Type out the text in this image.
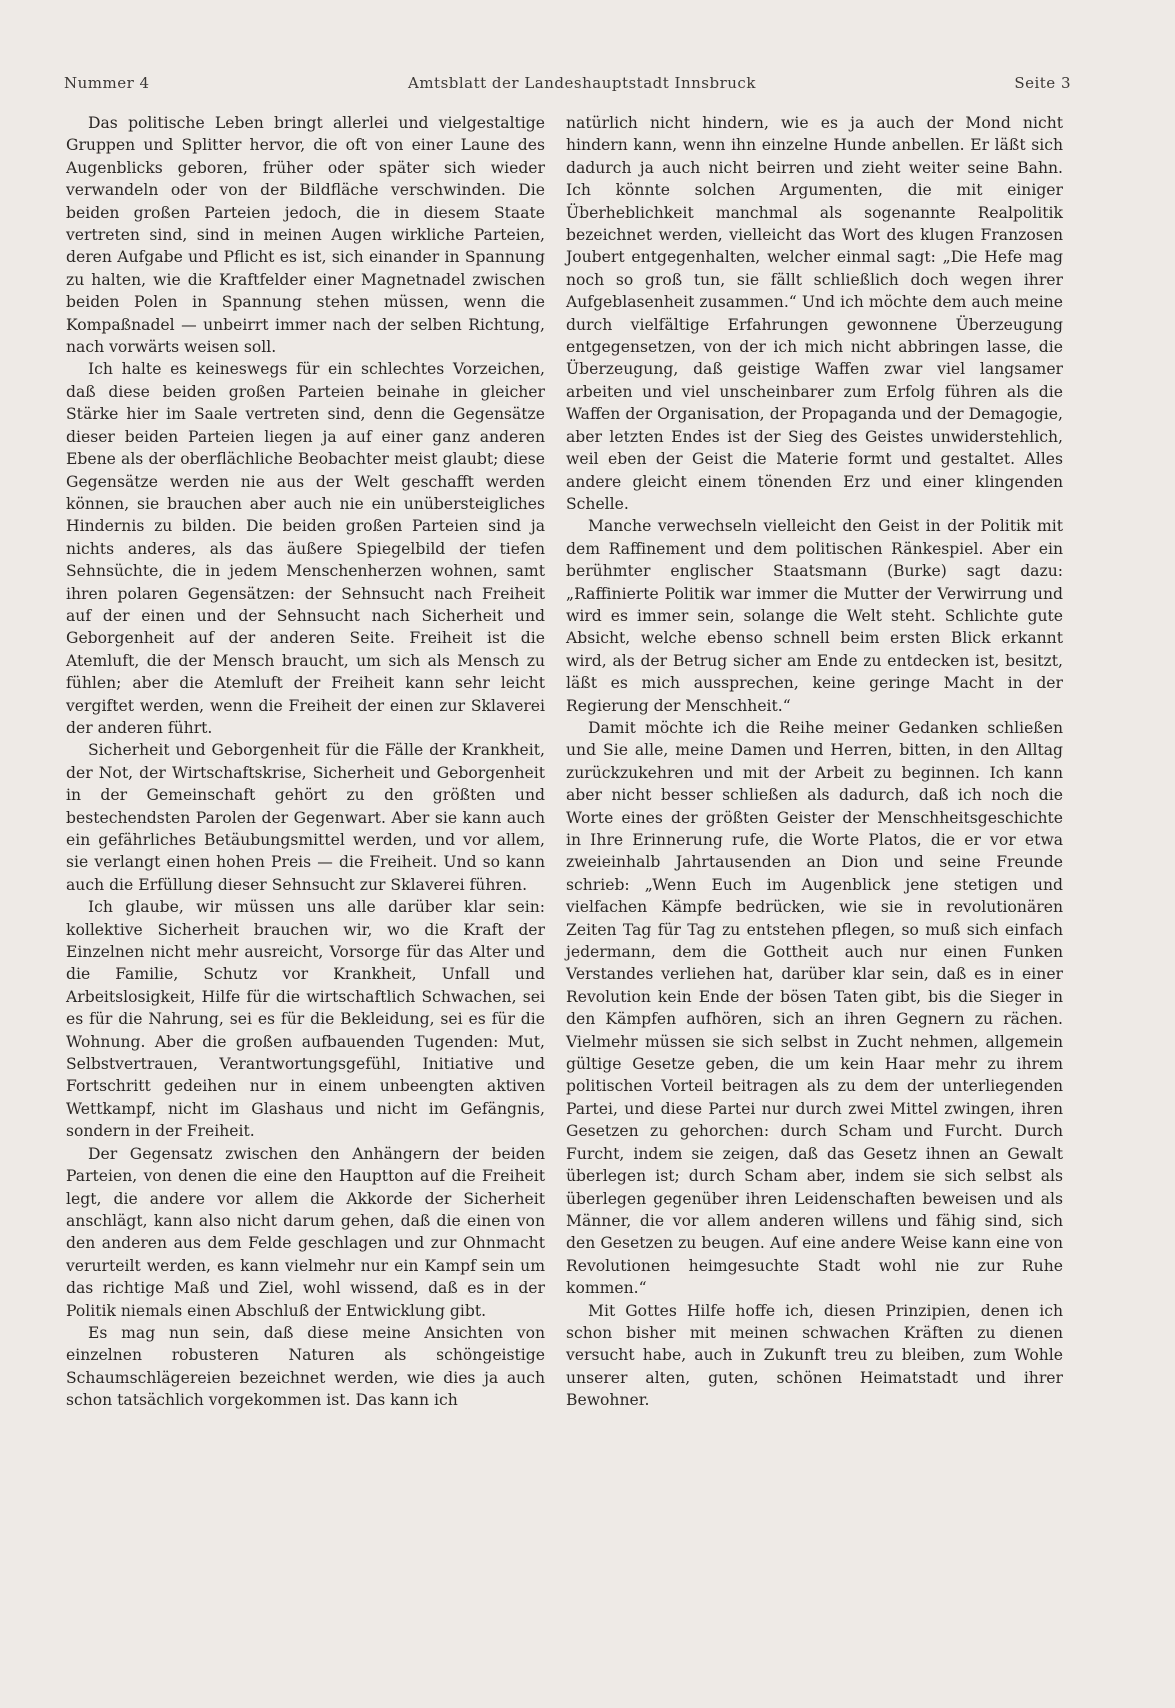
Nummer 4	Amtsblatt der Landeshauptstadt Innsbruck	Seite 3

Das politische Leben bringt allerlei und vielgestaltige Gruppen und Splitter hervor, die oft von einer Laune des Augenblicks geboren, früher oder später sich wieder verwandeln oder von der Bildfläche verschwinden. Die beiden großen Parteien jedoch, die in diesem Staate vertreten sind, sind in meinen Augen wirkliche Parteien, deren Aufgabe und Pflicht es ist, sich einander in Spannung zu halten, wie die Kraftfelder einer Magnetnadel zwischen beiden Polen in Spannung stehen müssen, wenn die Kompaßnadel — unbeirrt immer nach der selben Richtung, nach vorwärts weisen soll.

Ich halte es keineswegs für ein schlechtes Vorzeichen, daß diese beiden großen Parteien beinahe in gleicher Stärke hier im Saale vertreten sind, denn die Gegensätze dieser beiden Parteien liegen ja auf einer ganz anderen Ebene als der oberflächliche Beobachter meist glaubt; diese Gegensätze werden nie aus der Welt geschafft werden können, sie brauchen aber auch nie ein unübersteigliches Hindernis zu bilden. Die beiden großen Parteien sind ja nichts anderes, als das äußere Spiegelbild der tiefen Sehnsüchte, die in jedem Menschenherzen wohnen, samt ihren polaren Gegensätzen: der Sehnsucht nach Freiheit auf der einen und der Sehnsucht nach Sicherheit und Geborgenheit auf der anderen Seite. Freiheit ist die Atemluft, die der Mensch braucht, um sich als Mensch zu fühlen; aber die Atemluft der Freiheit kann sehr leicht vergiftet werden, wenn die Freiheit der einen zur Sklaverei der anderen führt.

Sicherheit und Geborgenheit für die Fälle der Krankheit, der Not, der Wirtschaftskrise, Sicherheit und Geborgenheit in der Gemeinschaft gehört zu den größten und bestechendsten Parolen der Gegenwart. Aber sie kann auch ein gefährliches Betäubungsmittel werden, und vor allem, sie verlangt einen hohen Preis — die Freiheit. Und so kann auch die Erfüllung dieser Sehnsucht zur Sklaverei führen.

Ich glaube, wir müssen uns alle darüber klar sein: kollektive Sicherheit brauchen wir, wo die Kraft der Einzelnen nicht mehr ausreicht, Vorsorge für das Alter und die Familie, Schutz vor Krankheit, Unfall und Arbeitslosigkeit, Hilfe für die wirtschaftlich Schwachen, sei es für die Nahrung, sei es für die Bekleidung, sei es für die Wohnung. Aber die großen aufbauenden Tugenden: Mut, Selbstvertrauen, Verantwortungsgefühl, Initiative und Fortschritt gedeihen nur in einem unbeengten aktiven Wettkampf, nicht im Glashaus und nicht im Gefängnis, sondern in der Freiheit.

Der Gegensatz zwischen den Anhängern der beiden Parteien, von denen die eine den Hauptton auf die Freiheit legt, die andere vor allem die Akkorde der Sicherheit anschlägt, kann also nicht darum gehen, daß die einen von den anderen aus dem Felde geschlagen und zur Ohnmacht verurteilt werden, es kann vielmehr nur ein Kampf sein um das richtige Maß und Ziel, wohl wissend, daß es in der Politik niemals einen Abschluß der Entwicklung gibt.

Es mag nun sein, daß diese meine Ansichten von einzelnen robusteren Naturen als schöngeistige Schaumschlägereien bezeichnet werden, wie dies ja auch schon tatsächlich vorgekommen ist. Das kann ich

natürlich nicht hindern, wie es ja auch der Mond nicht hindern kann, wenn ihn einzelne Hunde anbellen. Er läßt sich dadurch ja auch nicht beirren und zieht weiter seine Bahn. Ich könnte solchen Argumenten, die mit einiger Überheblichkeit manchmal als sogenannte Realpolitik bezeichnet werden, vielleicht das Wort des klugen Franzosen Joubert entgegenhalten, welcher einmal sagt: „Die Hefe mag noch so groß tun, sie fällt schließlich doch wegen ihrer Aufgeblasenheit zusammen.“ Und ich möchte dem auch meine durch vielfältige Erfahrungen gewonnene Überzeugung entgegensetzen, von der ich mich nicht abbringen lasse, die Überzeugung, daß geistige Waffen zwar viel langsamer arbeiten und viel unscheinbarer zum Erfolg führen als die Waffen der Organisation, der Propaganda und der Demagogie, aber letzten Endes ist der Sieg des Geistes unwiderstehlich, weil eben der Geist die Materie formt und gestaltet. Alles andere gleicht einem tönenden Erz und einer klingenden Schelle.

Manche verwechseln vielleicht den Geist in der Politik mit dem Raffinement und dem politischen Ränkespiel. Aber ein berühmter englischer Staatsmann (Burke) sagt dazu: „Raffinierte Politik war immer die Mutter der Verwirrung und wird es immer sein, solange die Welt steht. Schlichte gute Absicht, welche ebenso schnell beim ersten Blick erkannt wird, als der Betrug sicher am Ende zu entdecken ist, besitzt, läßt es mich aussprechen, keine geringe Macht in der Regierung der Menschheit.“

Damit möchte ich die Reihe meiner Gedanken schließen und Sie alle, meine Damen und Herren, bitten, in den Alltag zurückzukehren und mit der Arbeit zu beginnen. Ich kann aber nicht besser schließen als dadurch, daß ich noch die Worte eines der größten Geister der Menschheitsgeschichte in Ihre Erinnerung rufe, die Worte Platos, die er vor etwa zweieinhalb Jahrtausenden an Dion und seine Freunde schrieb: „Wenn Euch im Augenblick jene stetigen und vielfachen Kämpfe bedrücken, wie sie in revolutionären Zeiten Tag für Tag zu entstehen pflegen, so muß sich einfach jedermann, dem die Gottheit auch nur einen Funken Verstandes verliehen hat, darüber klar sein, daß es in einer Revolution kein Ende der bösen Taten gibt, bis die Sieger in den Kämpfen aufhören, sich an ihren Gegnern zu rächen. Vielmehr müssen sie sich selbst in Zucht nehmen, allgemein gültige Gesetze geben, die um kein Haar mehr zu ihrem politischen Vorteil beitragen als zu dem der unterliegenden Partei, und diese Partei nur durch zwei Mittel zwingen, ihren Gesetzen zu gehorchen: durch Scham und Furcht. Durch Furcht, indem sie zeigen, daß das Gesetz ihnen an Gewalt überlegen ist; durch Scham aber, indem sie sich selbst als überlegen gegenüber ihren Leidenschaften beweisen und als Männer, die vor allem anderen willens und fähig sind, sich den Gesetzen zu beugen. Auf eine andere Weise kann eine von Revolutionen heimgesuchte Stadt wohl nie zur Ruhe kommen.“

Mit Gottes Hilfe hoffe ich, diesen Prinzipien, denen ich schon bisher mit meinen schwachen Kräften zu dienen versucht habe, auch in Zukunft treu zu bleiben, zum Wohle unserer alten, guten, schönen Heimatstadt und ihrer Bewohner.
